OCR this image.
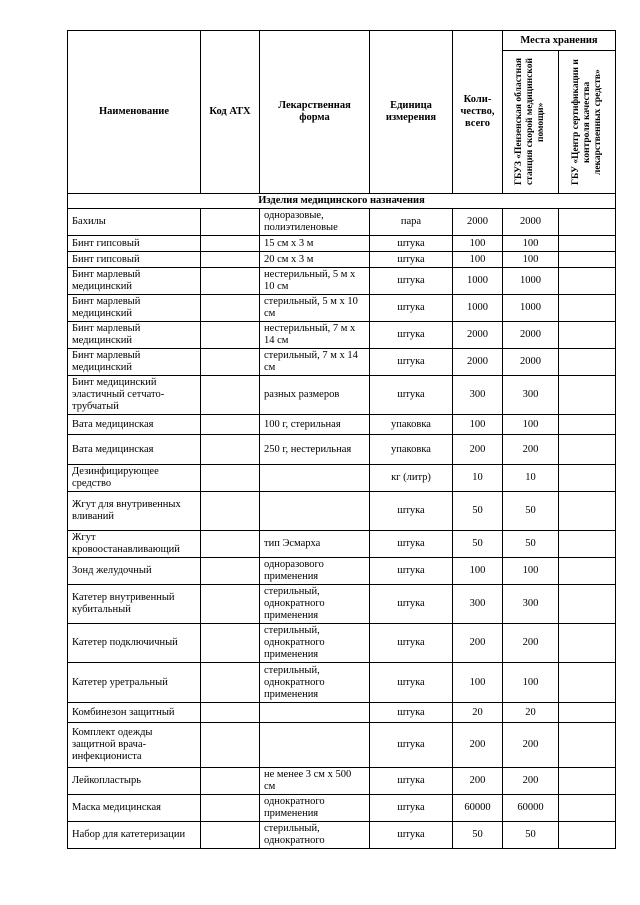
Наименование	Код АТХ	Лекарственная форма	Единица измерения	Коли-чество, всего	Места хранения	

					ГБУЗ «Пензенская областная станция скорой медицинской помощи»	ГБУ «Центр сертификации и контроля качества лекарственных средств»

Изделия медицинского назначения						
Бахилы		одноразовые, полиэтиленовые	пара	2000	2000	
Бинт гипсовый		15 см х 3 м	штука	100	100	
Бинт гипсовый		20 см х 3 м	штука	100	100	
Бинт марлевый медицинский		нестерильный, 5 м х 10 см	штука	1000	1000	
Бинт марлевый медицинский		стерильный, 5 м х 10 см	штука	1000	1000	
Бинт марлевый медицинский		нестерильный, 7 м х 14 см	штука	2000	2000	
Бинт марлевый медицинский		стерильный, 7 м х 14 см	штука	2000	2000	
Бинт медицинский эластичный сетчато-трубчатый		разных размеров	штука	300	300	
Вата медицинская		100 г, стерильная	упаковка	100	100	
Вата медицинская		250 г, нестерильная	упаковка	200	200	
Дезинфицирующее средство			кг (литр)	10	10	
Жгут для внутривенных вливаний			штука	50	50	
Жгут кровоостанавливающий		тип Эсмарха	штука	50	50	
Зонд желудочный		одноразового применения	штука	100	100	
Катетер внутривенный кубитальный		стерильный, однократного применения	штука	300	300	
Катетер подключичный		стерильный, однократного применения	штука	200	200	
Катетер уретральный		стерильный, однократного применения	штука	100	100	
Комбинезон защитный			штука	20	20	
Комплект одежды защитной врача-инфекциониста			штука	200	200	
Лейкопластырь		не менее 3 см х 500 см	штука	200	200	
Маска медицинская		однократного применения	штука	60000	60000	
Набор для катетеризации		стерильный, однократного	штука	50	50	
